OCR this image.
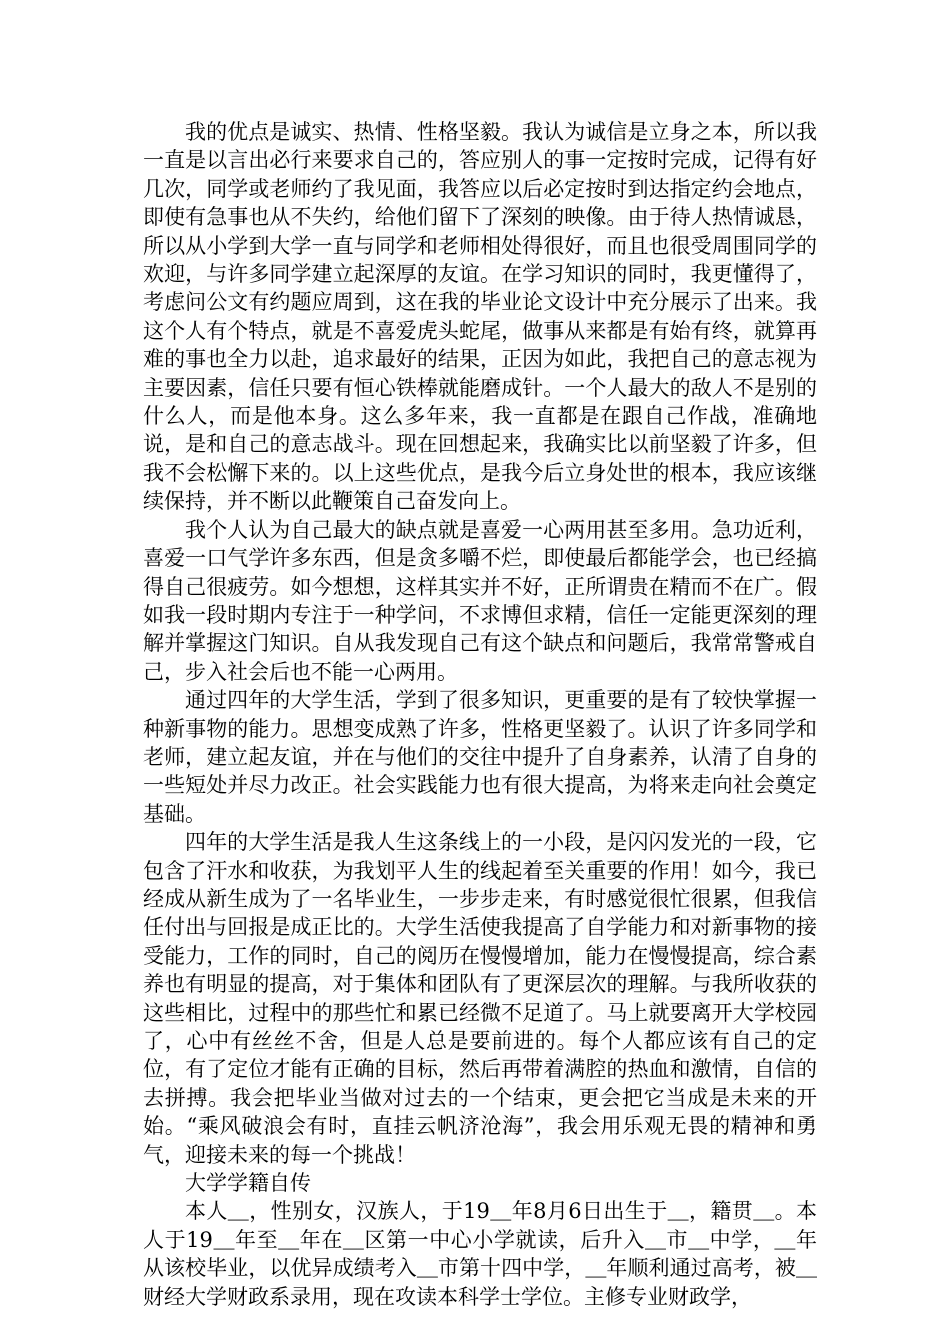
我的优点是诚实、热情、性格坚毅。我认为诚信是立身之本，所以我一直是以言出必行来要求自己的，答应别人的事一定按时完成，记得有好几次，同学或老师约了我见面，我答应以后必定按时到达指定约会地点，即使有急事也从不失约，给他们留下了深刻的映像。由于待人热情诚恳，所以从小学到大学一直与同学和老师相处得很好，而且也很受周围同学的欢迎，与许多同学建立起深厚的友谊。在学习知识的同时，我更懂得了，考虑问公文有约题应周到，这在我的毕业论文设计中充分展示了出来。我这个人有个特点，就是不喜爱虎头蛇尾，做事从来都是有始有终，就算再难的事也全力以赴，追求最好的结果，正因为如此，我把自己的意志视为主要因素，信任只要有恒心铁棒就能磨成针。一个人最大的敌人不是别的什么人，而是他本身。这么多年来，我一直都是在跟自己作战，准确地说，是和自己的意志战斗。现在回想起来，我确实比以前坚毅了许多，但我不会松懈下来的。以上这些优点，是我今后立身处世的根本，我应该继续保持，并不断以此鞭策自己奋发向上。

我个人认为自己最大的缺点就是喜爱一心两用甚至多用。急功近利，喜爱一口气学许多东西，但是贪多嚼不烂，即使最后都能学会，也已经搞得自己很疲劳。如今想想，这样其实并不好，正所谓贵在精而不在广。假如我一段时期内专注于一种学问，不求博但求精，信任一定能更深刻的理解并掌握这门知识。自从我发现自己有这个缺点和问题后，我常常警戒自己，步入社会后也不能一心两用。

通过四年的大学生活，学到了很多知识，更重要的是有了较快掌握一种新事物的能力。思想变成熟了许多，性格更坚毅了。认识了许多同学和老师，建立起友谊，并在与他们的交往中提升了自身素养，认清了自身的一些短处并尽力改正。社会实践能力也有很大提高，为将来走向社会奠定基础。

四年的大学生活是我人生这条线上的一小段，是闪闪发光的一段，它包含了汗水和收获，为我划平人生的线起着至关重要的作用！如今，我已经成从新生成为了一名毕业生，一步步走来，有时感觉很忙很累，但我信任付出与回报是成正比的。大学生活使我提高了自学能力和对新事物的接受能力，工作的同时，自己的阅历在慢慢增加，能力在慢慢提高，综合素养也有明显的提高，对于集体和团队有了更深层次的理解。与我所收获的这些相比，过程中的那些忙和累已经微不足道了。马上就要离开大学校园了，心中有丝丝不舍，但是人总是要前进的。每个人都应该有自己的定位，有了定位才能有正确的目标，然后再带着满腔的热血和激情，自信的去拼搏。我会把毕业当做对过去的一个结束，更会把它当成是未来的开始。“乘风破浪会有时，直挂云帆济沧海”，我会用乐观无畏的精神和勇气，迎接未来的每一个挑战！

大学学籍自传

本人＿，性别女，汉族人，于19＿年8月6日出生于＿，籍贯＿。本人于19＿年至＿年在＿区第一中心小学就读，后升入＿市＿中学，＿年从该校毕业，以优异成绩考入＿市第十四中学，＿年顺利通过高考，被＿财经大学财政系录用，现在攻读本科学士学位。主修专业财政学，
